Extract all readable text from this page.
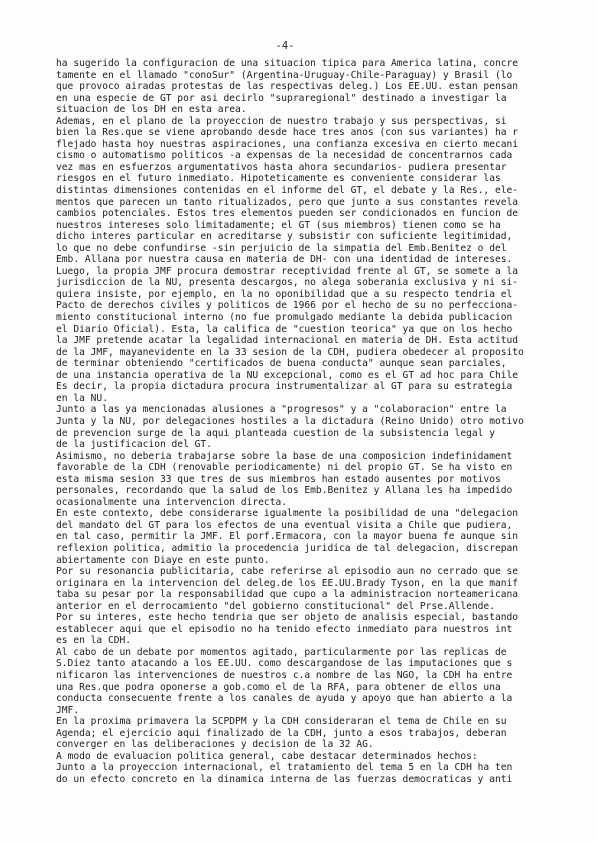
-4-
ha sugerido la configuracion de una situacion tipica para America latina, concre
tamente en el llamado "conoSur" (Argentina-Uruguay-Chile-Paraguay) y Brasil (lo
que provoco airadas protestas de las respectivas deleg.) Los EE.UU. estan pensan
en una especie de GT por asi decirlo "supraregional" destinado a investigar la
situacion de los DH en esta area.
Ademas, en el plano de la proyeccion de nuestro trabajo y sus perspectivas, si
bien la Res.que se viene aprobando desde hace tres anos (con sus variantes) ha r
flejado hasta hoy nuestras aspiraciones, una confianza excesiva en cierto mecani
cismo o automatismo politicos -a expensas de la necesidad de concentrarnos cada
vez mas en esfuerzos argumentativos hasta ahora secundarios- pudiera presentar
riesgos en el futuro inmediato. Hipoteticamente es conveniente considerar las
distintas dimensiones contenidas en el informe del GT, el debate y la Res., ele-
mentos que parecen un tanto ritualizados, pero que junto a sus constantes revela
cambios potenciales. Estos tres elementos pueden ser condicionados en funcion de
nuestros intereses solo limitadamente; el GT (sus miembros) tienen como se ha
dicho interes particular en acreditarse y subsistir con suficiente legitimidad,
lo que no debe confundirse -sin perjuicio de la simpatia del Emb.Benitez o del
Emb. Allana por nuestra causa en materia de DH- con una identidad de intereses.
Luego, la propia JMF procura demostrar receptividad frente al GT, se somete a la
jurisdiccion de la NU, presenta descargos, no alega soberania exclusiva y ni si-
quiera insiste, por ejemplo, en la no oponibilidad que a su respecto tendria el
Pacto de derechos civiles y politicos de 1966 por el hecho de su no perfecciona-
miento constitucional interno (no fue promulgado mediante la debida publicacion
el Diario Oficial). Esta, la califica de "cuestion teorica" ya que on los hecho
la JMF pretende acatar la legalidad internacional en materia de DH. Esta actitud
de la JMF, mayanevidente en la 33 sesion de la CDH, pudiera obedecer al proposito
de terminar obteniendo "certificados de buena conducta" aunque sean parciales,
de una instancia operativa de la NU excepcional, como es el GT ad hoc para Chile
Es decir, la propia dictadura procura instrumentalizar al GT para su estrategia
en la NU.
Junto a las ya mencionadas alusiones a "progresos" y a "colaboracion" entre la
Junta y la NU, por delegaciones hostiles a la dictadura (Reino Unido) otro motivo
de prevencion surge de la aqui planteada cuestion de la subsistencia legal y
de la justificacion del GT.
Asimismo, no deberia trabajarse sobre la base de una composicion indefinidament
favorable de la CDH (renovable periodicamente) ni del propio GT. Se ha visto en
esta misma sesion 33 que tres de sus miembros han estado ausentes por motivos
personales, recordando que la salud de los Emb.Benitez y Allana les ha impedido
ocasionalmente una intervencion directa.
En este contexto, debe considerarse igualmente la posibilidad de una "delegacion
del mandato del GT para los efectos de una eventual visita a Chile que pudiera,
en tal caso, permitir la JMF. El porf.Ermacora, con la mayor buena fe aunque sin
reflexion politica, admitio la procedencia juridica de tal delegacion, discrepan
abiertamente con Diaye en este punto.
Por su resonancia publicitaria, cabe referirse al episodio aun no cerrado que se
originara en la intervencion del deleg.de los EE.UU.Brady Tyson, en la que manif
taba su pesar por la responsabilidad que cupo a la administracion norteamericana
anterior en el derrocamiento "del gobierno constitucional" del Prse.Allende.
Por su interes, este hecho tendria que ser objeto de analisis especial, bastando
establecer aqui que el episodio no ha tenido efecto inmediato para nuestros int
es en la CDH.
Al cabo de un debate por momentos agitado, particularmente por las replicas de
S.Diez tanto atacando a los EE.UU. como descargandose de las imputaciones que s
nificaron las intervenciones de nuestros c.a nombre de las NGO, la CDH ha entre
una Res.que podra oponerse a gob.como el de la RFA, para obtener de ellos una
conducta consecuente frente a los canales de ayuda y apoyo que han abierto a la
JMF.
En la proxima primavera la SCPDPM y la CDH consideraran el tema de Chile en su
Agenda; el ejercicio aqui finalizado de la CDH, junto a esos trabajos, deberan
converger en las deliberaciones y decision de la 32 AG.
A modo de evaluacion politica general, cabe destacar determinados hechos:
Junto a la proyeccion internacional, el tratamiento del tema 5 en la CDH ha ten
do un efecto concreto en la dinamica interna de las fuerzas democraticas y anti
